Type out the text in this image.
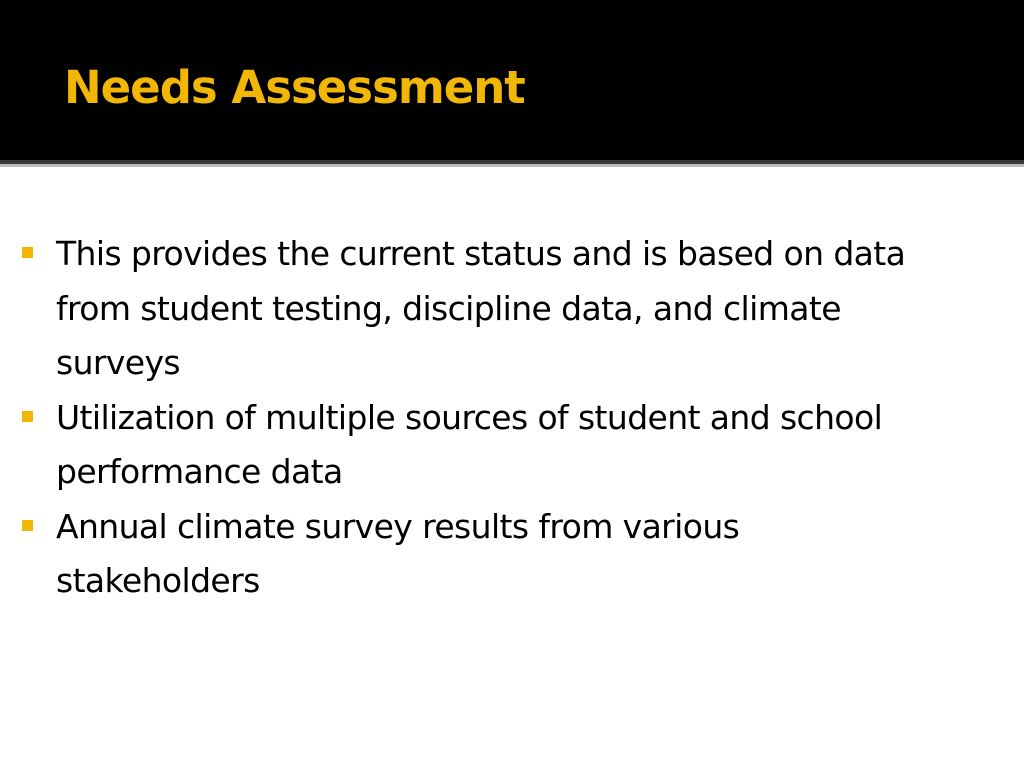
Needs Assessment
This provides the current status and is based on data from student testing, discipline data, and climate surveys
Utilization of multiple sources of student and school performance data
Annual climate survey results from various stakeholders
